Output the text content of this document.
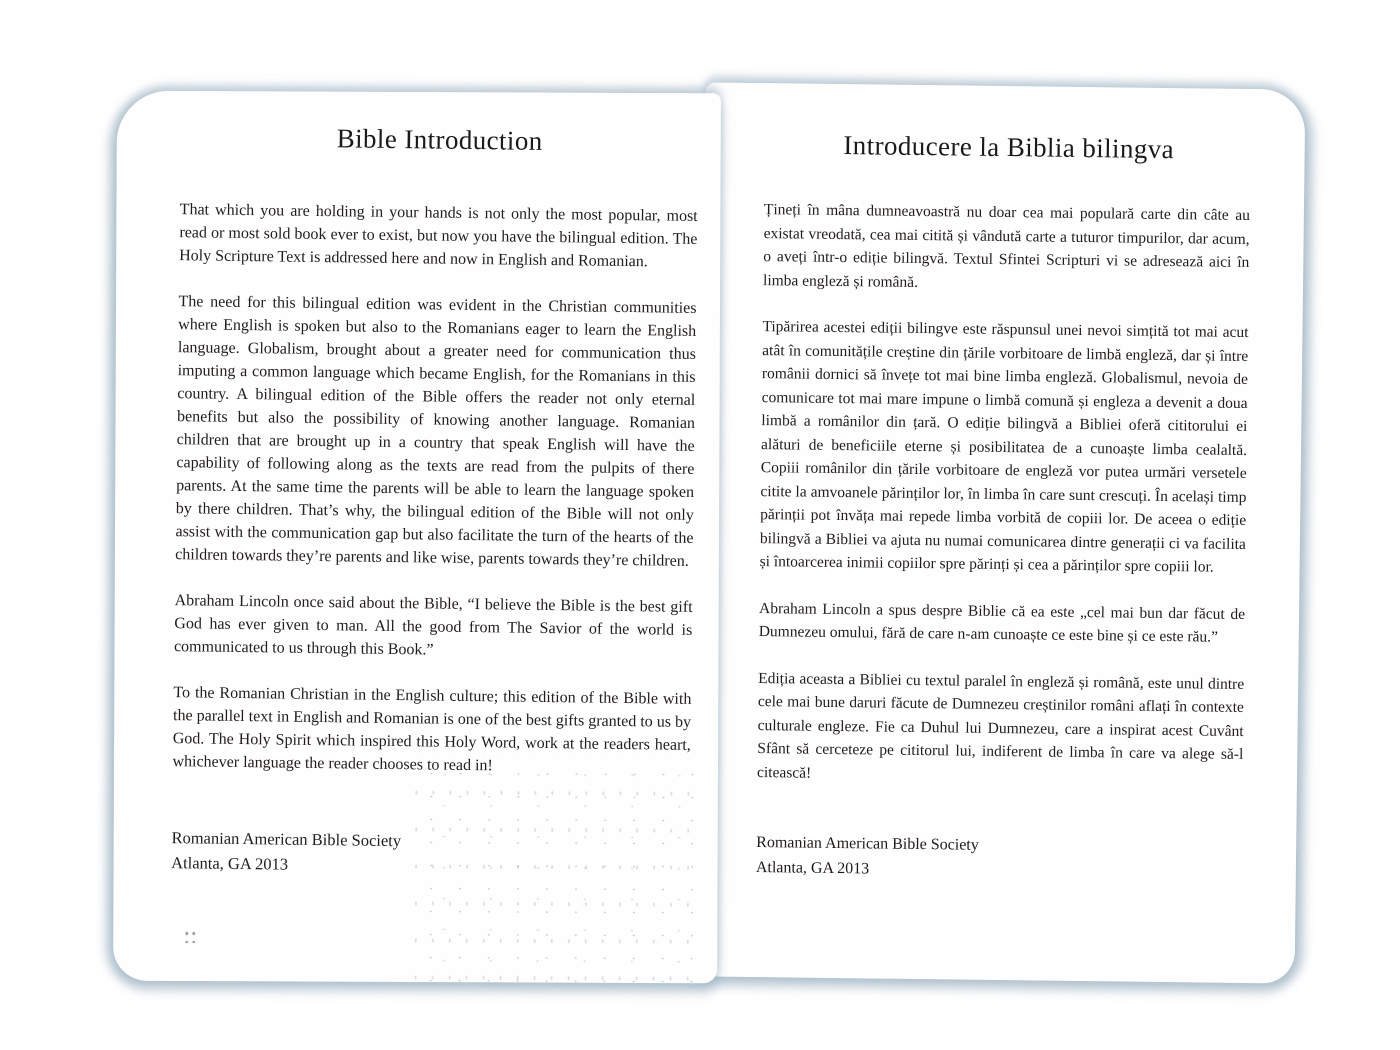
Bible Introduction

That which you are holding in your hands is not only the most popular, most read or most sold book ever to exist, but now you have the bilingual edition. The Holy Scripture Text is addressed here and now in English and Romanian.

The need for this bilingual edition was evident in the Christian communities where English is spoken but also to the Romanians eager to learn the English language. Globalism, brought about a greater need for communication thus imputing a common language which became English, for the Romanians in this country. A bilingual edition of the Bible offers the reader not only eternal benefits but also the possibility of knowing another language. Romanian children that are brought up in a country that speak English will have the capability of following along as the texts are read from the pulpits of there parents. At the same time the parents will be able to learn the language spoken by there children. That’s why, the bilingual edition of the Bible will not only assist with the communication gap but also facilitate the turn of the hearts of the children towards they’re parents and like wise, parents towards they’re children.

Abraham Lincoln once said about the Bible, “I believe the Bible is the best gift God has ever given to man. All the good from The Savior of the world is communicated to us through this Book.”

To the Romanian Christian in the English culture; this edition of the Bible with the parallel text in English and Romanian is one of the best gifts granted to us by God. The Holy Spirit which inspired this Holy Word, work at the readers heart, whichever language the reader chooses to read in!

Romanian American Bible Society
Atlanta, GA 2013
Introducere la Biblia bilingva

Țineți în mâna dumneavoastră nu doar cea mai populară carte din câte au existat vreodată, cea mai citită și vândută carte a tuturor timpurilor, dar acum, o aveți într-o ediție bilingvă. Textul Sfintei Scripturi vi se adresează aici în limba engleză și română.

Tipărirea acestei ediții bilingve este răspunsul unei nevoi simțită tot mai acut atât în comunitățile creștine din țările vorbitoare de limbă engleză, dar și între românii dornici să învețe tot mai bine limba engleză. Globalismul, nevoia de comunicare tot mai mare impune o limbă comună și engleza a devenit a doua limbă a românilor din țară. O ediție bilingvă a Bibliei oferă cititorului ei alături de beneficiile eterne și posibilitatea de a cunoaște limba cealaltă. Copiii românilor din țările vorbitoare de engleză vor putea urmări versetele citite la amvoanele părinților lor, în limba în care sunt crescuți. În același timp părinții pot învăța mai repede limba vorbită de copiii lor. De aceea o ediție bilingvă a Bibliei va ajuta nu numai comunicarea dintre generații ci va facilita și întoarcerea inimii copiilor spre părinți și cea a părinților spre copiii lor.

Abraham Lincoln a spus despre Biblie că ea este „cel mai bun dar făcut de Dumnezeu omului, fără de care n-am cunoaște ce este bine și ce este rău.”

Ediția aceasta a Bibliei cu textul paralel în engleză și română, este unul dintre cele mai bune daruri făcute de Dumnezeu creștinilor români aflați în contexte culturale engleze. Fie ca Duhul lui Dumnezeu, care a inspirat acest Cuvânt Sfânt să cerceteze pe cititorul lui, indiferent de limba în care va alege să-l citească!

Romanian American Bible Society
Atlanta, GA 2013
